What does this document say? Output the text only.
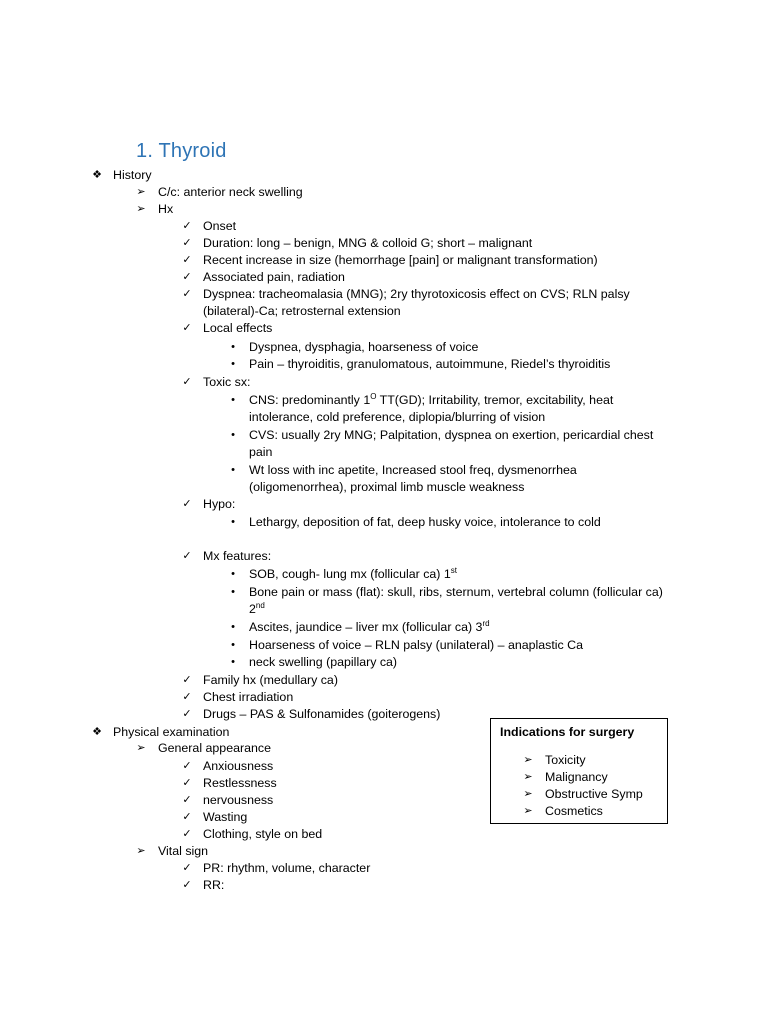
1. Thyroid
❖ History
➢ C/c: anterior neck swelling
➢ Hx
✓ Onset
✓ Duration: long – benign, MNG & colloid G; short – malignant
✓ Recent increase in size (hemorrhage [pain] or malignant transformation)
✓ Associated pain, radiation
✓ Dyspnea: tracheomalasia (MNG); 2ry thyrotoxicosis effect on CVS; RLN palsy
(bilateral)-Ca; retrosternal extension
✓ Local effects
•	Dyspnea, dysphagia, hoarseness of voice
•	Pain – thyroiditis, granulomatous, autoimmune, Riedel’s thyroiditis
✓ Toxic sx:
•	CNS: predominantly $1^O$ TT(GD); Irritability, tremor, excitability, heat
intolerance, cold preference, diplopia/blurring of vision
•	CVS: usually 2ry MNG; Palpitation, dyspnea on exertion, pericardial chest
pain
•	Wt loss with inc apetite, Increased stool freq, dysmenorrhea
(oligomenorrhea), proximal limb muscle weakness
✓ Hypo:
•	Lethargy, deposition of fat, deep husky voice, intolerance to cold
✓ Mx features:
•	SOB, cough- lung mx (follicular ca) 1st
•	Bone pain or mass (flat): skull, ribs, sternum, vertebral column (follicular ca)
2nd
•	Ascites, jaundice – liver mx (follicular ca) 3rd
•	Hoarseness of voice – RLN palsy (unilateral) – anaplastic Ca
•	neck swelling (papillary ca)
✓ Family hx (medullary ca)
✓ Chest irradiation
✓ Drugs – PAS & Sulfonamides (goiterogens)
❖ Physical examination
➢ General appearance
✓ Anxiousness
✓ Restlessness
✓ nervousness
✓ Wasting
✓ Clothing, style on bed
➢ Vital sign
✓ PR: rhythm, volume, character
✓ RR:
Indications for surgery
➢ Toxicity
➢ Malignancy
➢ Obstructive Symp
➢ Cosmetics
